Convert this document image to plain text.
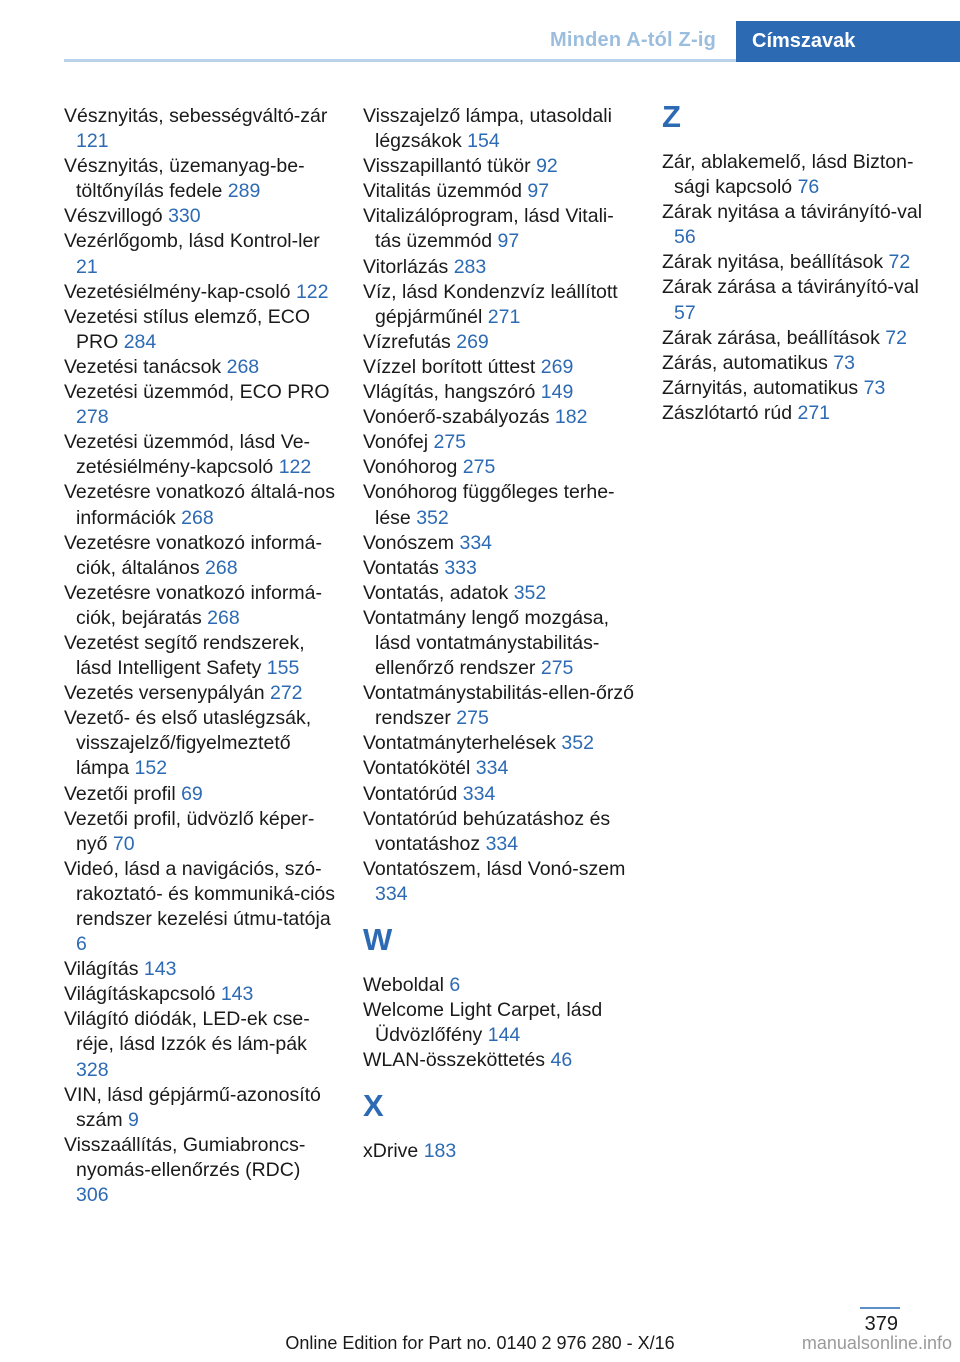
Minden A-tól Z-ig	Címszavak

Vésznyitás, sebességváltó-zár 121

Vésznyitás, üzemanyag-be-töltőnyílás fedele 289

Vészvillogó 330

Vezérlőgomb, lásd Kontrol-ler 21

Vezetésiélmény-kap-csoló 122

Vezetési stílus elemző, ECO PRO 284

Vezetési tanácsok 268

Vezetési üzemmód, ECO PRO 278

Vezetési üzemmód, lásd Ve-zetésiélmény-kapcsoló 122

Vezetésre vonatkozó általá-nos információk 268

Vezetésre vonatkozó informá-ciók, általános 268

Vezetésre vonatkozó informá-ciók, bejáratás 268

Vezetést segítő rendszerek, lásd Intelligent Safety 155

Vezetés versenypályán 272

Vezető- és első utaslégzsák, visszajelző/figyelmeztető lámpa 152

Vezetői profil 69

Vezetői profil, üdvözlő képer-nyő 70

Videó, lásd a navigációs, szó-rakoztató- és kommuniká-ciós rendszer kezelési útmu-tatója 6

Világítás 143

Világításkapcsoló 143

Világító diódák, LED-ek cse-réje, lásd Izzók és lám-pák 328

VIN, lásd gépjármű-azonosító szám 9

Visszaállítás, Gumiabroncs-nyomás-ellenőrzés (RDC) 306

Visszajelző lámpa, utasoldali légzsákok 154

Visszapillantó tükör 92

Vitalitás üzemmód 97

Vitalizálóprogram, lásd Vitali-tás üzemmód 97

Vitorlázás 283

Víz, lásd Kondenzvíz leállított gépjárműnél 271

Vízrefutás 269

Vízzel borított úttest 269

Vlágítás, hangszóró 149

Vonóerő-szabályozás 182

Vonófej 275

Vonóhorog 275

Vonóhorog függőleges terhe-lése 352

Vonószem 334

Vontatás 333

Vontatás, adatok 352

Vontatmány lengő mozgása, lásd vontatmánystabilitás-ellenőrző rendszer 275

Vontatmánystabilitás-ellen-őrző rendszer 275

Vontatmányterhelések 352

Vontatókötél 334

Vontatórúd 334

Vontatórúd behúzatáshoz és vontatáshoz 334

Vontatószem, lásd Vonó-szem 334

W

Weboldal 6

Welcome Light Carpet, lásd Üdvözlőfény 144

WLAN-összeköttetés 46

X

xDrive 183

Z

Zár, ablakemelő, lásd Bizton-sági kapcsoló 76

Zárak nyitása a távirányító-val 56

Zárak nyitása, beállítások 72

Zárak zárása a távirányító-val 57

Zárak zárása, beállítások 72

Zárás, automatikus 73

Zárnyitás, automatikus 73

Zászlótartó rúd 271

379
Online Edition for Part no. 0140 2 976 280 - X/16	manualsonline.info
